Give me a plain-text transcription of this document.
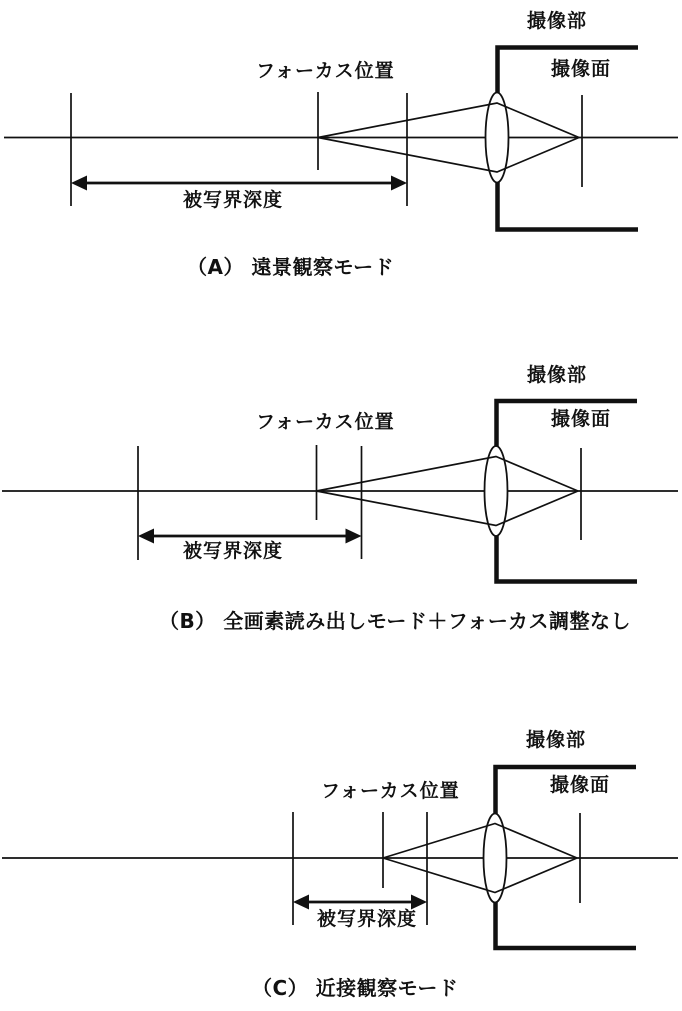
撮像部
撮像面
フォーカス位置
被写界深度
（A） 遠景観察モード
撮像部
撮像面
フォーカス位置
被写界深度
（B） 全画素読み出しモード＋フォーカス調整なし
撮像部
撮像面
フォーカス位置
被写界深度
（C） 近接観察モード
